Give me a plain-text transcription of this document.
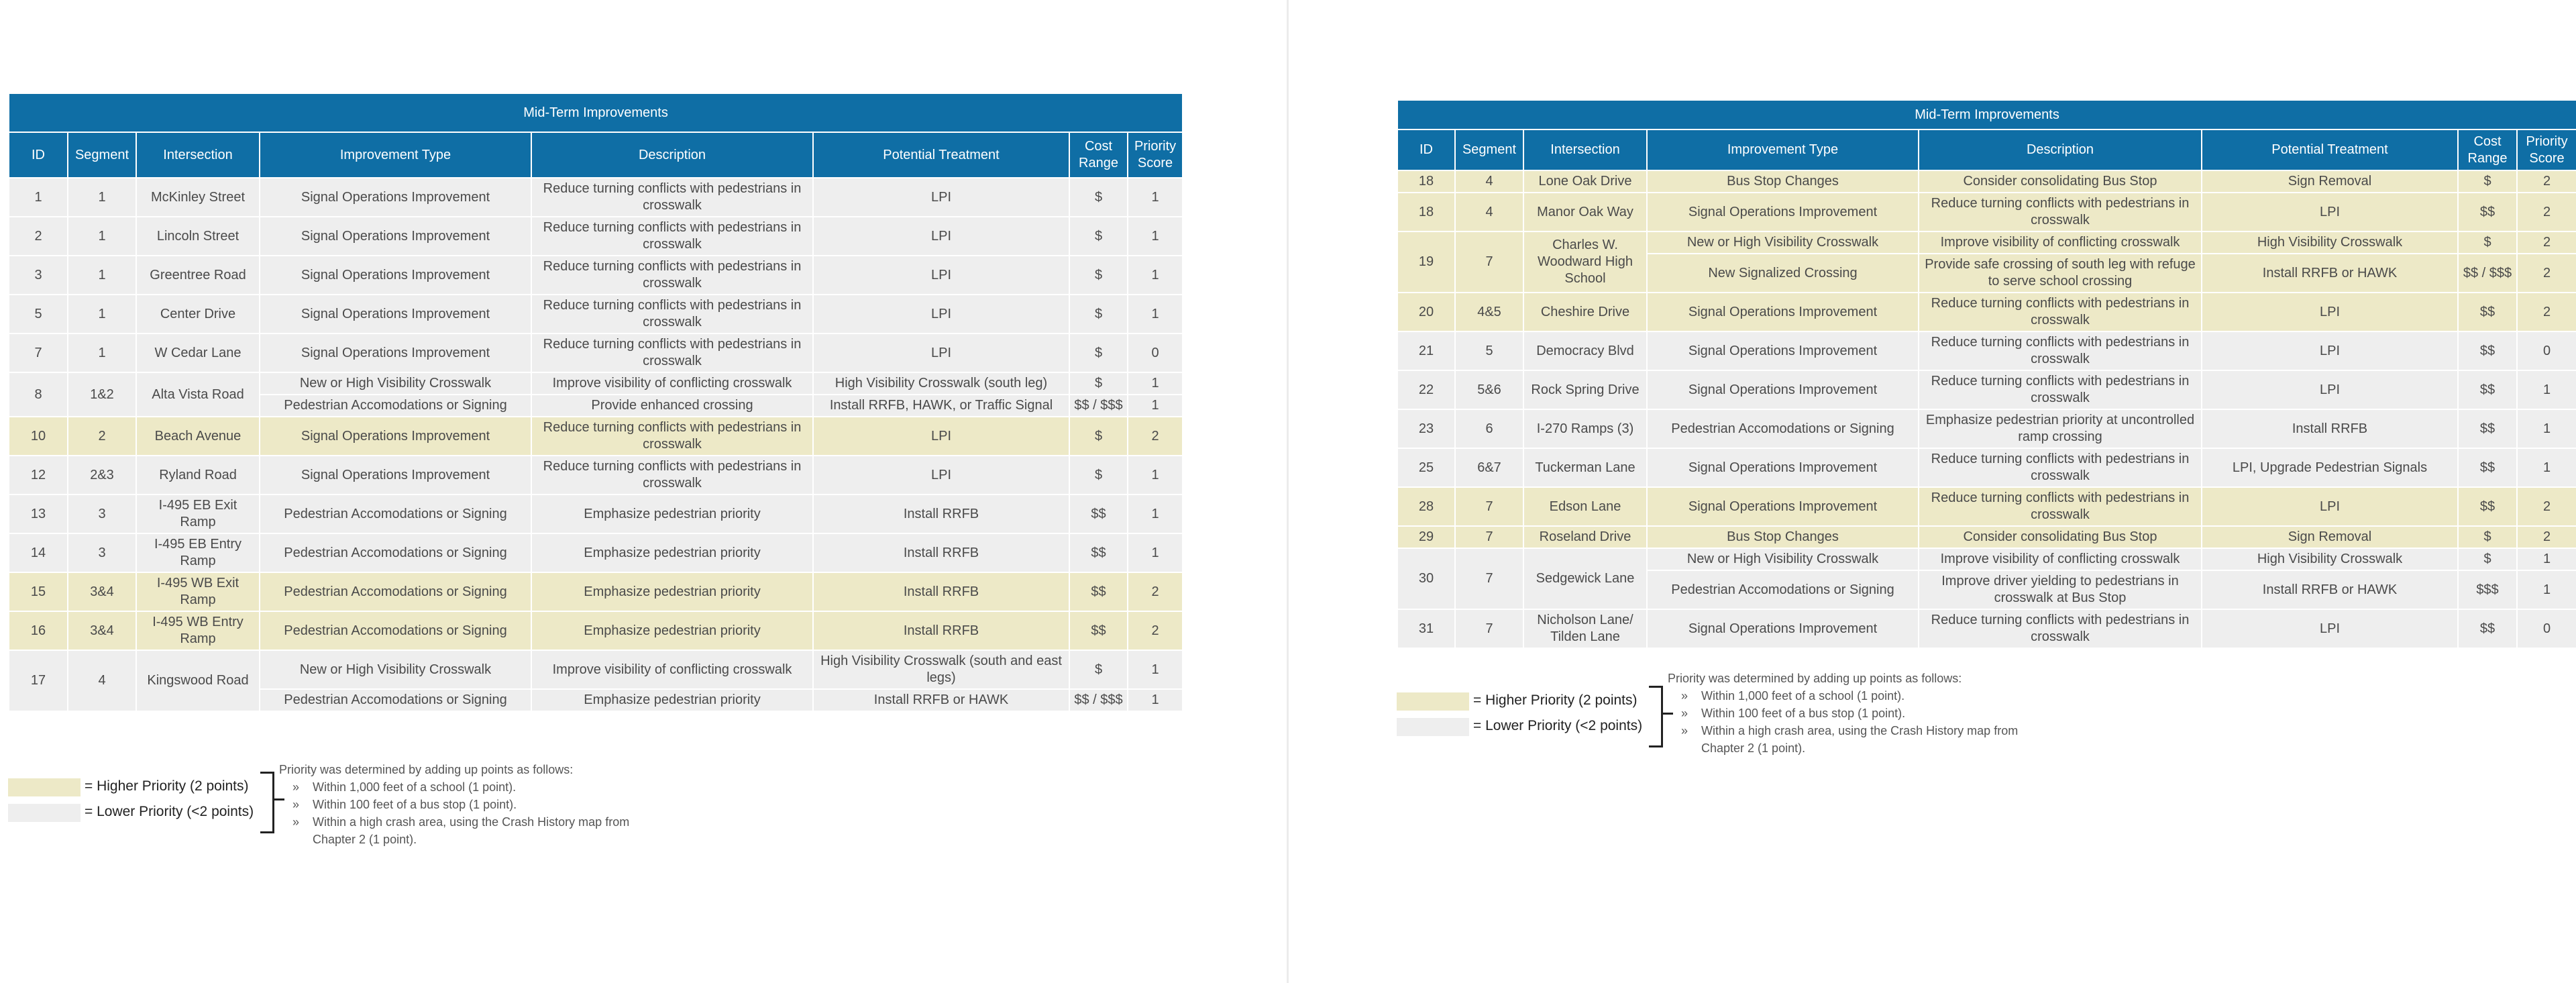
Mid-Term Improvements							
ID	Segment	Intersection	Improvement Type	Description	Potential Treatment	Cost Range	Priority Score
1	1	McKinley Street	Signal Operations Improvement	Reduce turning conflicts with pedestrians in crosswalk	LPI	$	1
2	1	Lincoln Street	Signal Operations Improvement	Reduce turning conflicts with pedestrians in crosswalk	LPI	$	1
3	1	Greentree Road	Signal Operations Improvement	Reduce turning conflicts with pedestrians in crosswalk	LPI	$	1
5	1	Center Drive	Signal Operations Improvement	Reduce turning conflicts with pedestrians in crosswalk	LPI	$	1
7	1	W Cedar Lane	Signal Operations Improvement	Reduce turning conflicts with pedestrians in crosswalk	LPI	$	0
8	1&2	Alta Vista Road	New or High Visibility Crosswalk	Improve visibility of conflicting crosswalk	High Visibility Crosswalk (south leg)	$	1
			Pedestrian Accomodations or Signing	Provide enhanced crossing	Install RRFB, HAWK, or Traffic Signal	$$ / $$$	1
10	2	Beach Avenue	Signal Operations Improvement	Reduce turning conflicts with pedestrians in crosswalk	LPI	$	2
12	2&3	Ryland Road	Signal Operations Improvement	Reduce turning conflicts with pedestrians in crosswalk	LPI	$	1
13	3	I-495 EB Exit Ramp	Pedestrian Accomodations or Signing	Emphasize pedestrian priority	Install RRFB	$$	1
14	3	I-495 EB Entry Ramp	Pedestrian Accomodations or Signing	Emphasize pedestrian priority	Install RRFB	$$	1
15	3&4	I-495 WB Exit Ramp	Pedestrian Accomodations or Signing	Emphasize pedestrian priority	Install RRFB	$$	2
16	3&4	I-495 WB Entry Ramp	Pedestrian Accomodations or Signing	Emphasize pedestrian priority	Install RRFB	$$	2
17	4	Kingswood Road	New or High Visibility Crosswalk	Improve visibility of conflicting crosswalk	High Visibility Crosswalk (south and east legs)	$	1
			Pedestrian Accomodations or Signing	Emphasize pedestrian priority	Install RRFB or HAWK	$$ / $$$	1
= Higher Priority (2 points)
= Lower Priority (<2 points)
Priority was determined by adding up points as follows:
» Within 1,000 feet of a school (1 point).
» Within 100 feet of a bus stop (1 point).
» Within a high crash area, using the Crash History map from Chapter 2 (1 point).
Mid-Term Improvements							
ID	Segment	Intersection	Improvement Type	Description	Potential Treatment	Cost Range	Priority Score
18	4	Lone Oak Drive	Bus Stop Changes	Consider consolidating Bus Stop	Sign Removal	$	2
18	4	Manor Oak Way	Signal Operations Improvement	Reduce turning conflicts with pedestrians in crosswalk	LPI	$$	2
19	7	Charles W. Woodward High School	New or High Visibility Crosswalk	Improve visibility of conflicting crosswalk	High Visibility Crosswalk	$	2
			New Signalized Crossing	Provide safe crossing of south leg with refuge to serve school crossing	Install RRFB or HAWK	$$ / $$$	2
20	4&5	Cheshire Drive	Signal Operations Improvement	Reduce turning conflicts with pedestrians in crosswalk	LPI	$$	2
21	5	Democracy Blvd	Signal Operations Improvement	Reduce turning conflicts with pedestrians in crosswalk	LPI	$$	0
22	5&6	Rock Spring Drive	Signal Operations Improvement	Reduce turning conflicts with pedestrians in crosswalk	LPI	$$	1
23	6	I-270 Ramps (3)	Pedestrian Accomodations or Signing	Emphasize pedestrian priority at uncontrolled ramp crossing	Install RRFB	$$	1
25	6&7	Tuckerman Lane	Signal Operations Improvement	Reduce turning conflicts with pedestrians in crosswalk	LPI, Upgrade Pedestrian Signals	$$	1
28	7	Edson Lane	Signal Operations Improvement	Reduce turning conflicts with pedestrians in crosswalk	LPI	$$	2
29	7	Roseland Drive	Bus Stop Changes	Consider consolidating Bus Stop	Sign Removal	$	2
30	7	Sedgewick Lane	New or High Visibility Crosswalk	Improve visibility of conflicting crosswalk	High Visibility Crosswalk	$	1
			Pedestrian Accomodations or Signing	Improve driver yielding to pedestrians in crosswalk at Bus Stop	Install RRFB or HAWK	$$$	1
31	7	Nicholson Lane/ Tilden Lane	Signal Operations Improvement	Reduce turning conflicts with pedestrians in crosswalk	LPI	$$	0
= Higher Priority (2 points)
= Lower Priority (<2 points)
Priority was determined by adding up points as follows:
» Within 1,000 feet of a school (1 point).
» Within 100 feet of a bus stop (1 point).
» Within a high crash area, using the Crash History map from Chapter 2 (1 point).
